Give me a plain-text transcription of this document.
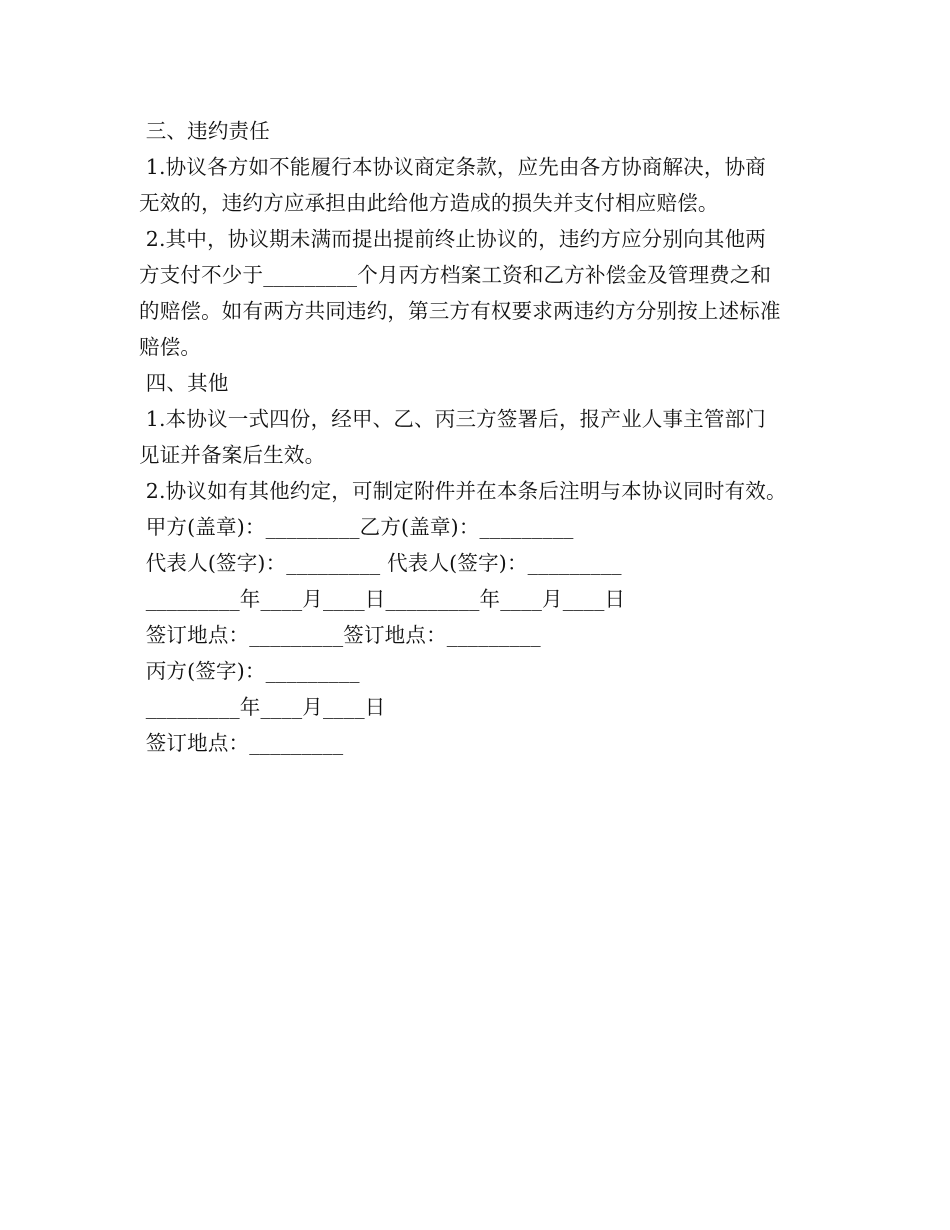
三、违约责任
1.协议各方如不能履行本协议商定条款，应先由各方协商解决，协商
无效的，违约方应承担由此给他方造成的损失并支付相应赔偿。
2.其中，协议期未满而提出提前终止协议的，违约方应分别向其他两
方支付不少于_________个月丙方档案工资和乙方补偿金及管理费之和
的赔偿。如有两方共同违约，第三方有权要求两违约方分别按上述标准
赔偿。
四、其他
1.本协议一式四份，经甲、乙、丙三方签署后，报产业人事主管部门
见证并备案后生效。
2.协议如有其他约定，可制定附件并在本条后注明与本协议同时有效。
甲方(盖章)：_________乙方(盖章)：_________
代表人(签字)：_________ 代表人(签字)：_________
_________年____月____日_________年____月____日
签订地点：_________签订地点：_________
丙方(签字)：_________
_________年____月____日
签订地点：_________
